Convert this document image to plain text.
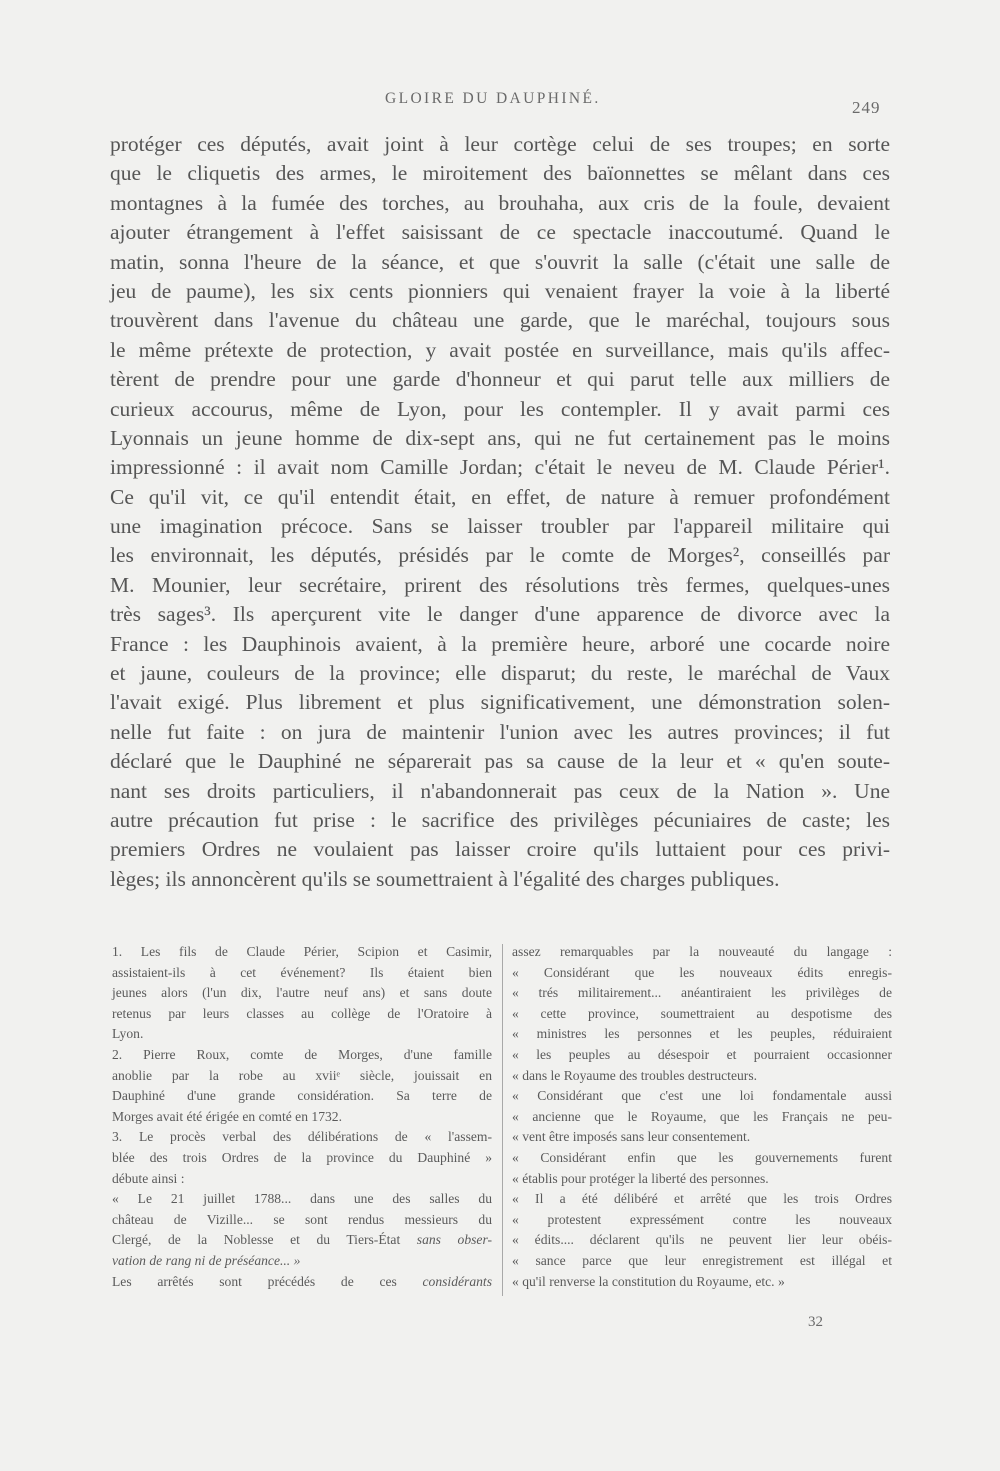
GLOIRE DU DAUPHINÉ.	249
protéger ces députés, avait joint à leur cortège celui de ses troupes; en sorte
que le cliquetis des armes, le miroitement des baïonnettes se mêlant dans ces
montagnes à la fumée des torches, au brouhaha, aux cris de la foule, devaient
ajouter étrangement à l'effet saisissant de ce spectacle inaccoutumé. Quand le
matin, sonna l'heure de la séance, et que s'ouvrit la salle (c'était une salle de
jeu de paume), les six cents pionniers qui venaient frayer la voie à la liberté
trouvèrent dans l'avenue du château une garde, que le maréchal, toujours sous
le même prétexte de protection, y avait postée en surveillance, mais qu'ils affec-
tèrent de prendre pour une garde d'honneur et qui parut telle aux milliers de
curieux accourus, même de Lyon, pour les contempler. Il y avait parmi ces
Lyonnais un jeune homme de dix-sept ans, qui ne fut certainement pas le moins
impressionné : il avait nom Camille Jordan; c'était le neveu de M. Claude Périer¹.
Ce qu'il vit, ce qu'il entendit était, en effet, de nature à remuer profondément
une imagination précoce. Sans se laisser troubler par l'appareil militaire qui
les environnait, les députés, présidés par le comte de Morges², conseillés par
M. Mounier, leur secrétaire, prirent des résolutions très fermes, quelques-unes
très sages³. Ils aperçurent vite le danger d'une apparence de divorce avec la
France : les Dauphinois avaient, à la première heure, arboré une cocarde noire
et jaune, couleurs de la province; elle disparut; du reste, le maréchal de Vaux
l'avait exigé. Plus librement et plus significativement, une démonstration solen-
nelle fut faite : on jura de maintenir l'union avec les autres provinces; il fut
déclaré que le Dauphiné ne séparerait pas sa cause de la leur et « qu'en soute-
nant ses droits particuliers, il n'abandonnerait pas ceux de la Nation ». Une
autre précaution fut prise : le sacrifice des privilèges pécuniaires de caste; les
premiers Ordres ne voulaient pas laisser croire qu'ils luttaient pour ces privi-
lèges; ils annoncèrent qu'ils se soumettraient à l'égalité des charges publiques.
1. Les fils de Claude Périer, Scipion et Casimir,
assistaient-ils à cet événement? Ils étaient bien
jeunes alors (l'un dix, l'autre neuf ans) et sans doute
retenus par leurs classes au collège de l'Oratoire à
Lyon.
2. Pierre Roux, comte de Morges, d'une famille
anoblie par la robe au xviiᵉ siècle, jouissait en
Dauphiné d'une grande considération. Sa terre de
Morges avait été érigée en comté en 1732.
3. Le procès verbal des délibérations de « l'assem-
blée des trois Ordres de la province du Dauphiné »
débute ainsi :
« Le 21 juillet 1788... dans une des salles du
château de Vizille... se sont rendus messieurs du
Clergé, de la Noblesse et du Tiers-État sans obser-
vation de rang ni de préséance... »
Les arrêtés sont précédés de ces considérants
assez remarquables par la nouveauté du langage :
« Considérant que les nouveaux édits enregis-
« trés militairement... anéantiraient les privilèges de
« cette province, soumettraient au despotisme des
« ministres les personnes et les peuples, réduiraient
« les peuples au désespoir et pourraient occasionner
« dans le Royaume des troubles destructeurs.
« Considérant que c'est une loi fondamentale aussi
« ancienne que le Royaume, que les Français ne peu-
« vent être imposés sans leur consentement.
« Considérant enfin que les gouvernements furent
« établis pour protéger la liberté des personnes.
« Il a été délibéré et arrêté que les trois Ordres
« protestent expressément contre les nouveaux
« édits.... déclarent qu'ils ne peuvent lier leur obéis-
« sance parce que leur enregistrement est illégal et
« qu'il renverse la constitution du Royaume, etc. »
32
